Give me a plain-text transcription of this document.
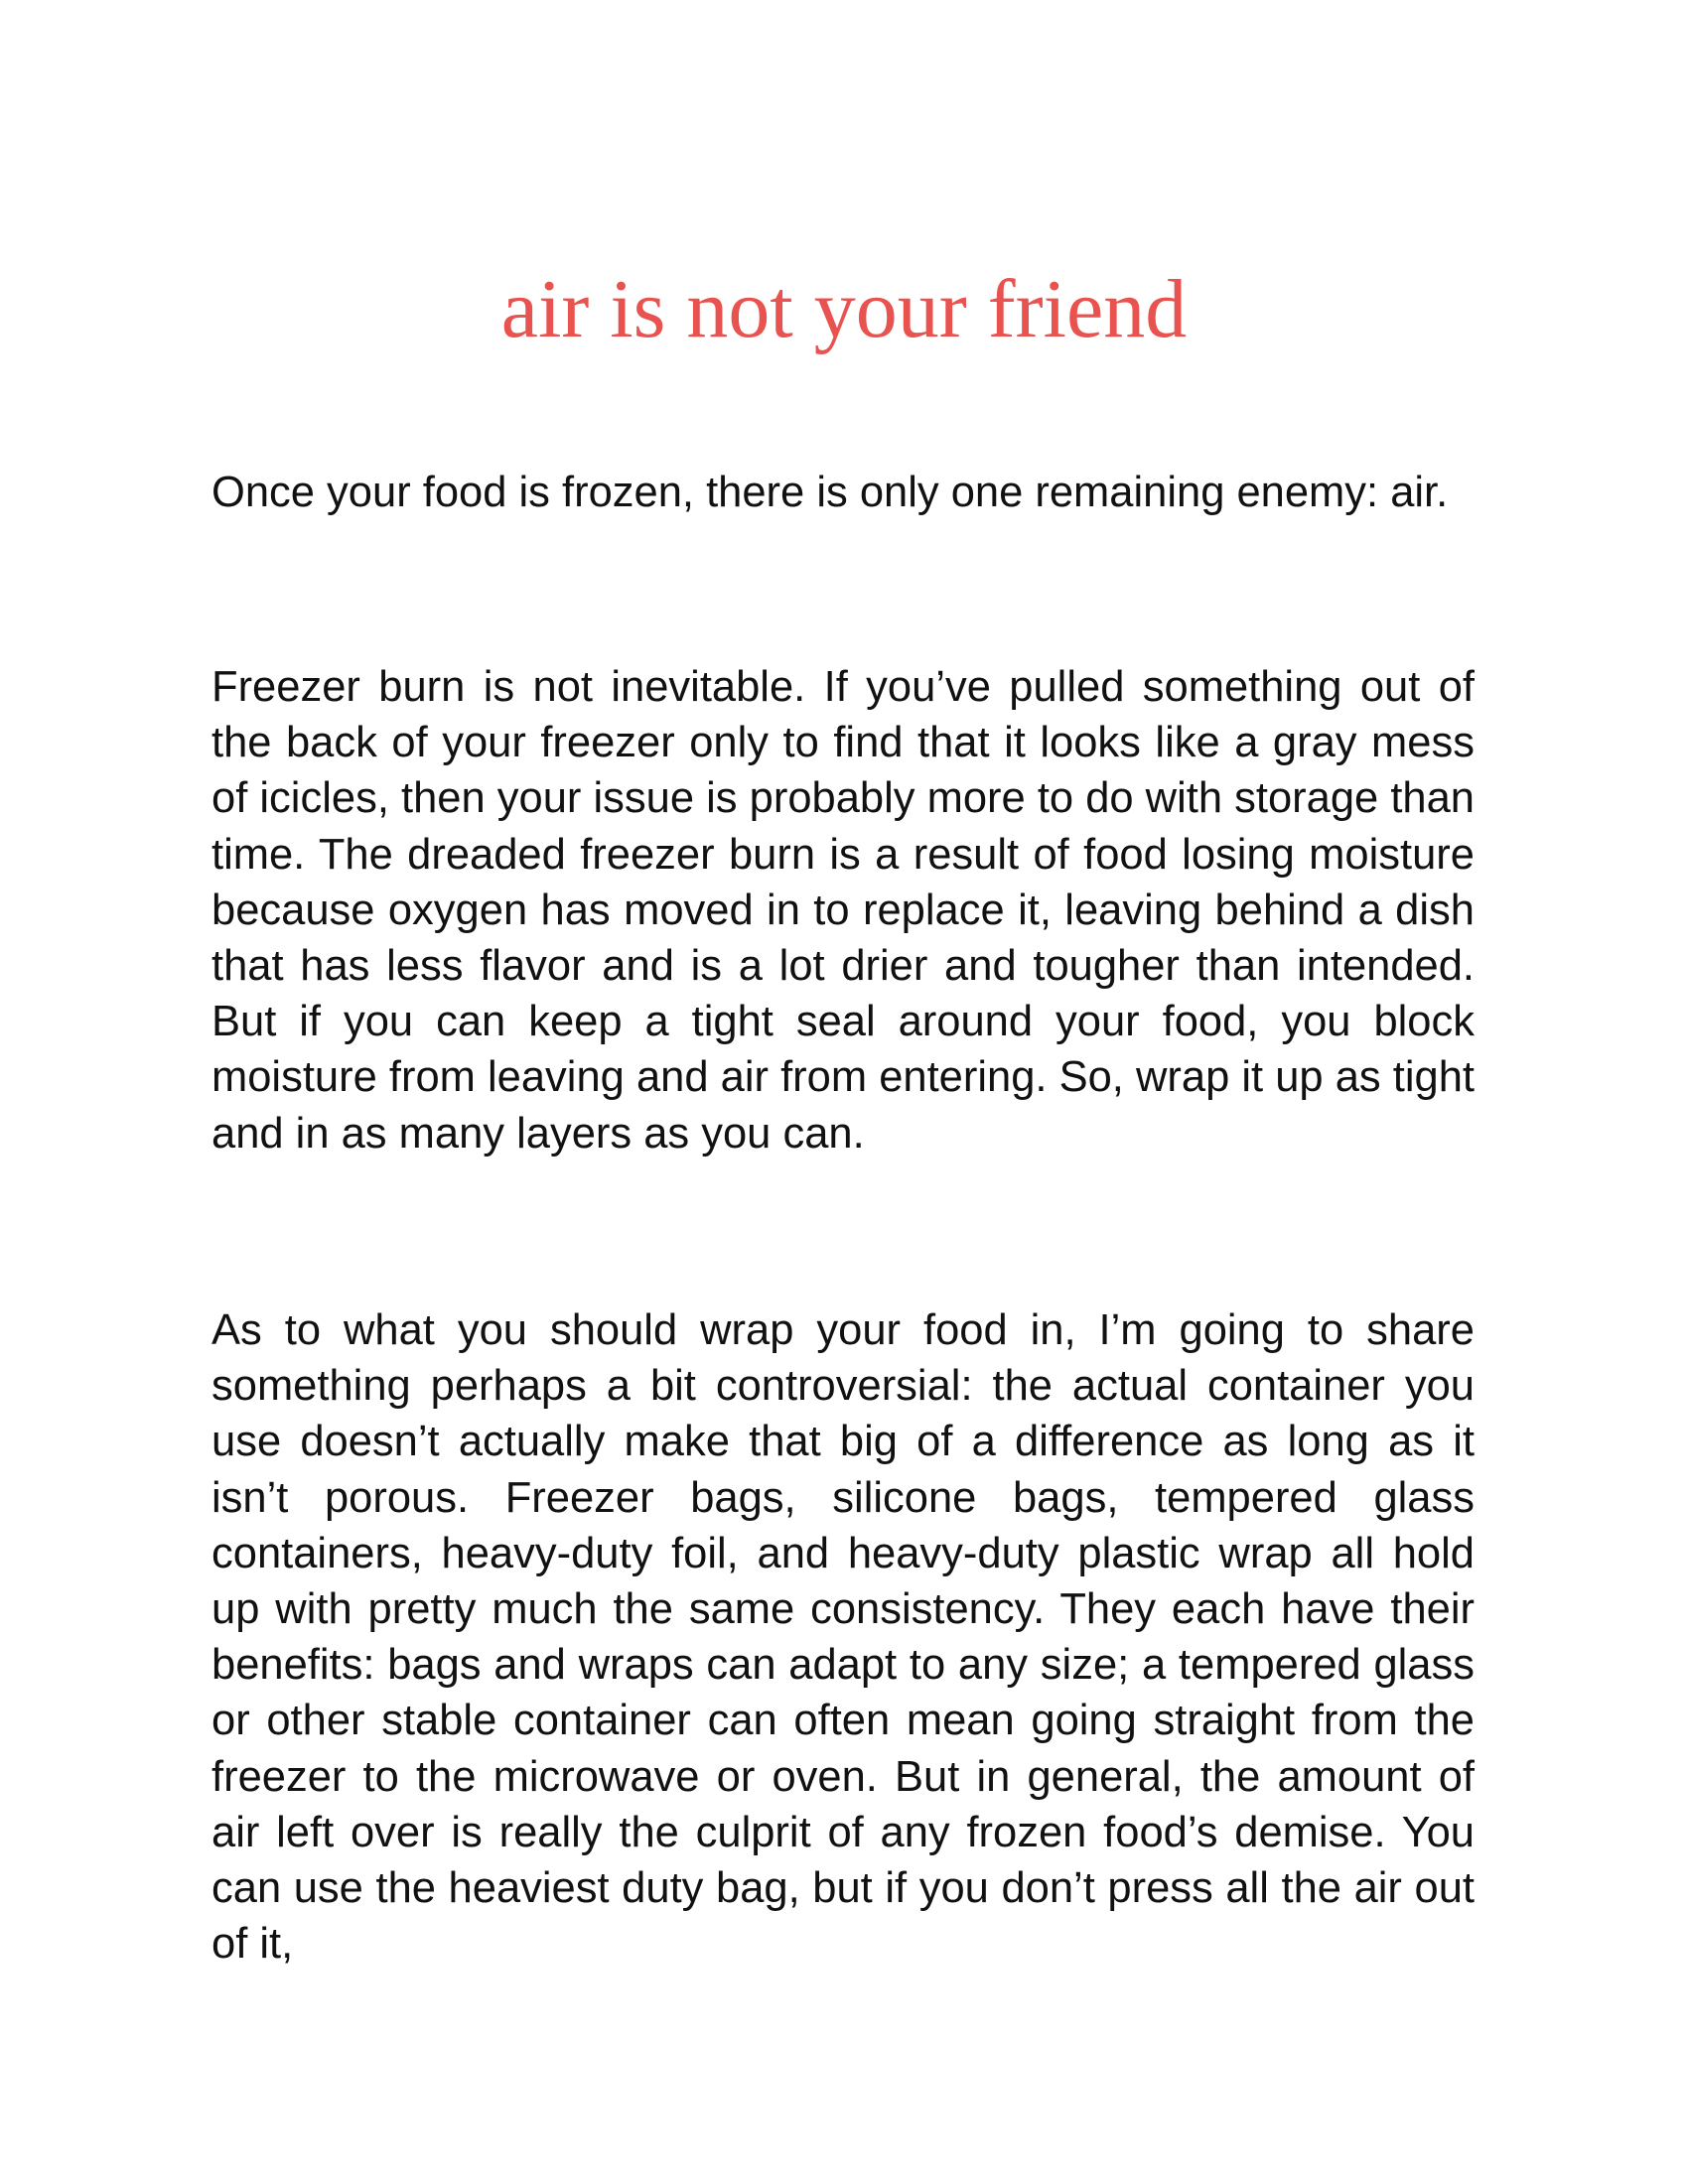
air is not your friend

Once your food is frozen, there is only one remaining enemy: air.

Freezer burn is not inevitable. If you’ve pulled something out of the back of your freezer only to find that it looks like a gray mess of icicles, then your issue is probably more to do with storage than time. The dreaded freezer burn is a result of food losing moisture because oxygen has moved in to replace it, leaving behind a dish that has less flavor and is a lot drier and tougher than intended. But if you can keep a tight seal around your food, you block moisture from leaving and air from entering. So, wrap it up as tight and in as many layers as you can.

As to what you should wrap your food in, I’m going to share something perhaps a bit controversial: the actual container you use doesn’t actually make that big of a difference as long as it isn’t porous. Freezer bags, silicone bags, tempered glass containers, heavy-duty foil, and heavy-duty plastic wrap all hold up with pretty much the same consistency. They each have their benefits: bags and wraps can adapt to any size; a tempered glass or other stable container can often mean going straight from the freezer to the microwave or oven. But in general, the amount of air left over is really the culprit of any frozen food’s demise. You can use the heaviest duty bag, but if you don’t press all the air out of it,
